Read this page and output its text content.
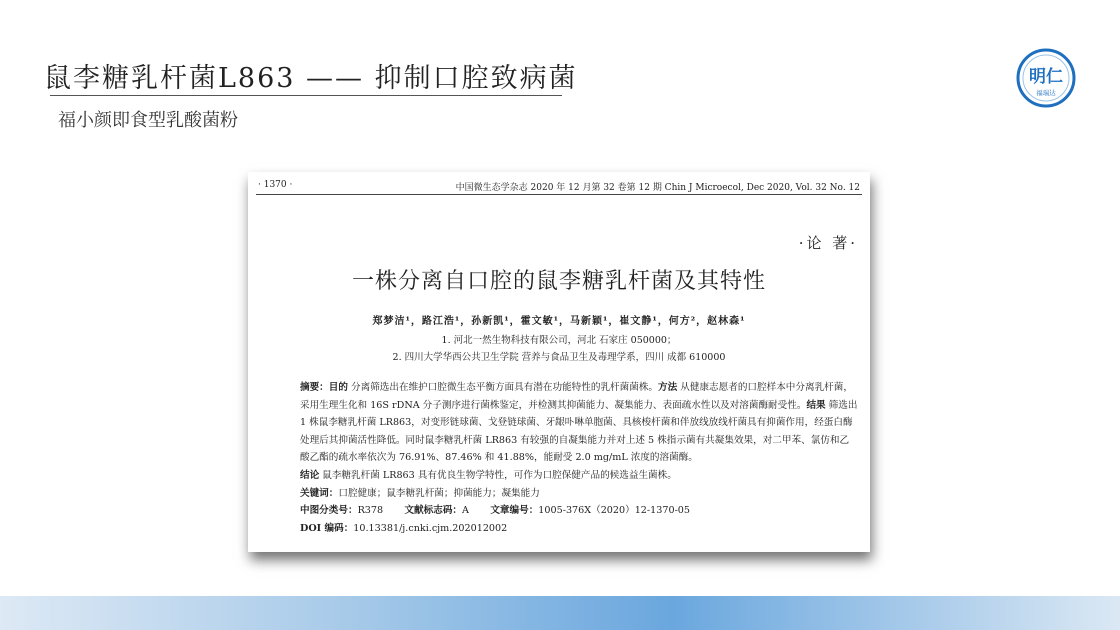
鼠李糖乳杆菌L863 —— 抑制口腔致病菌
福小颜即食型乳酸菌粉
明仁
福瑞达
· 1370 ·	中国微生态学杂志 2020 年 12 月第 32 卷第 12 期 Chin J Microecol, Dec 2020, Vol. 32 No. 12
·论 著·
一株分离自口腔的鼠李糖乳杆菌及其特性
郑梦洁¹，路江浩¹，孙新凯¹，霍文敏¹，马新颖¹，崔文静¹，何方²，赵林森¹
1. 河北一然生物科技有限公司，河北 石家庄 050000；
2. 四川大学华西公共卫生学院 营养与食品卫生及毒理学系，四川 成都 610000

摘要：目的 分离筛选出在维护口腔微生态平衡方面具有潜在功能特性的乳杆菌菌株。方法 从健康志愿者的口腔样本中分离乳杆菌，采用生理生化和 16S rDNA 分子测序进行菌株鉴定，并检测其抑菌能力、凝集能力、表面疏水性以及对溶菌酶耐受性。结果 筛选出 1 株鼠李糖乳杆菌 LR863，对变形链球菌、戈登链球菌、牙龈卟啉单胞菌、具核梭杆菌和伴放线放线杆菌具有抑菌作用，经蛋白酶处理后其抑菌活性降低。同时鼠李糖乳杆菌 LR863 有较强的自凝集能力并对上述 5 株指示菌有共凝集效果，对二甲苯、氯仿和乙酸乙酯的疏水率依次为 76.91%、87.46% 和 41.88%，能耐受 2.0 mg/mL 浓度的溶菌酶。

结论 鼠李糖乳杆菌 LR863 具有优良生物学特性，可作为口腔保健产品的候选益生菌株。

关键词：口腔健康；鼠李糖乳杆菌；抑菌能力；凝集能力

中图分类号：R378 文献标志码：A 文章编号：1005-376X（2020）12-1370-05

DOI 编码：10.13381/j.cnki.cjm.202012002
